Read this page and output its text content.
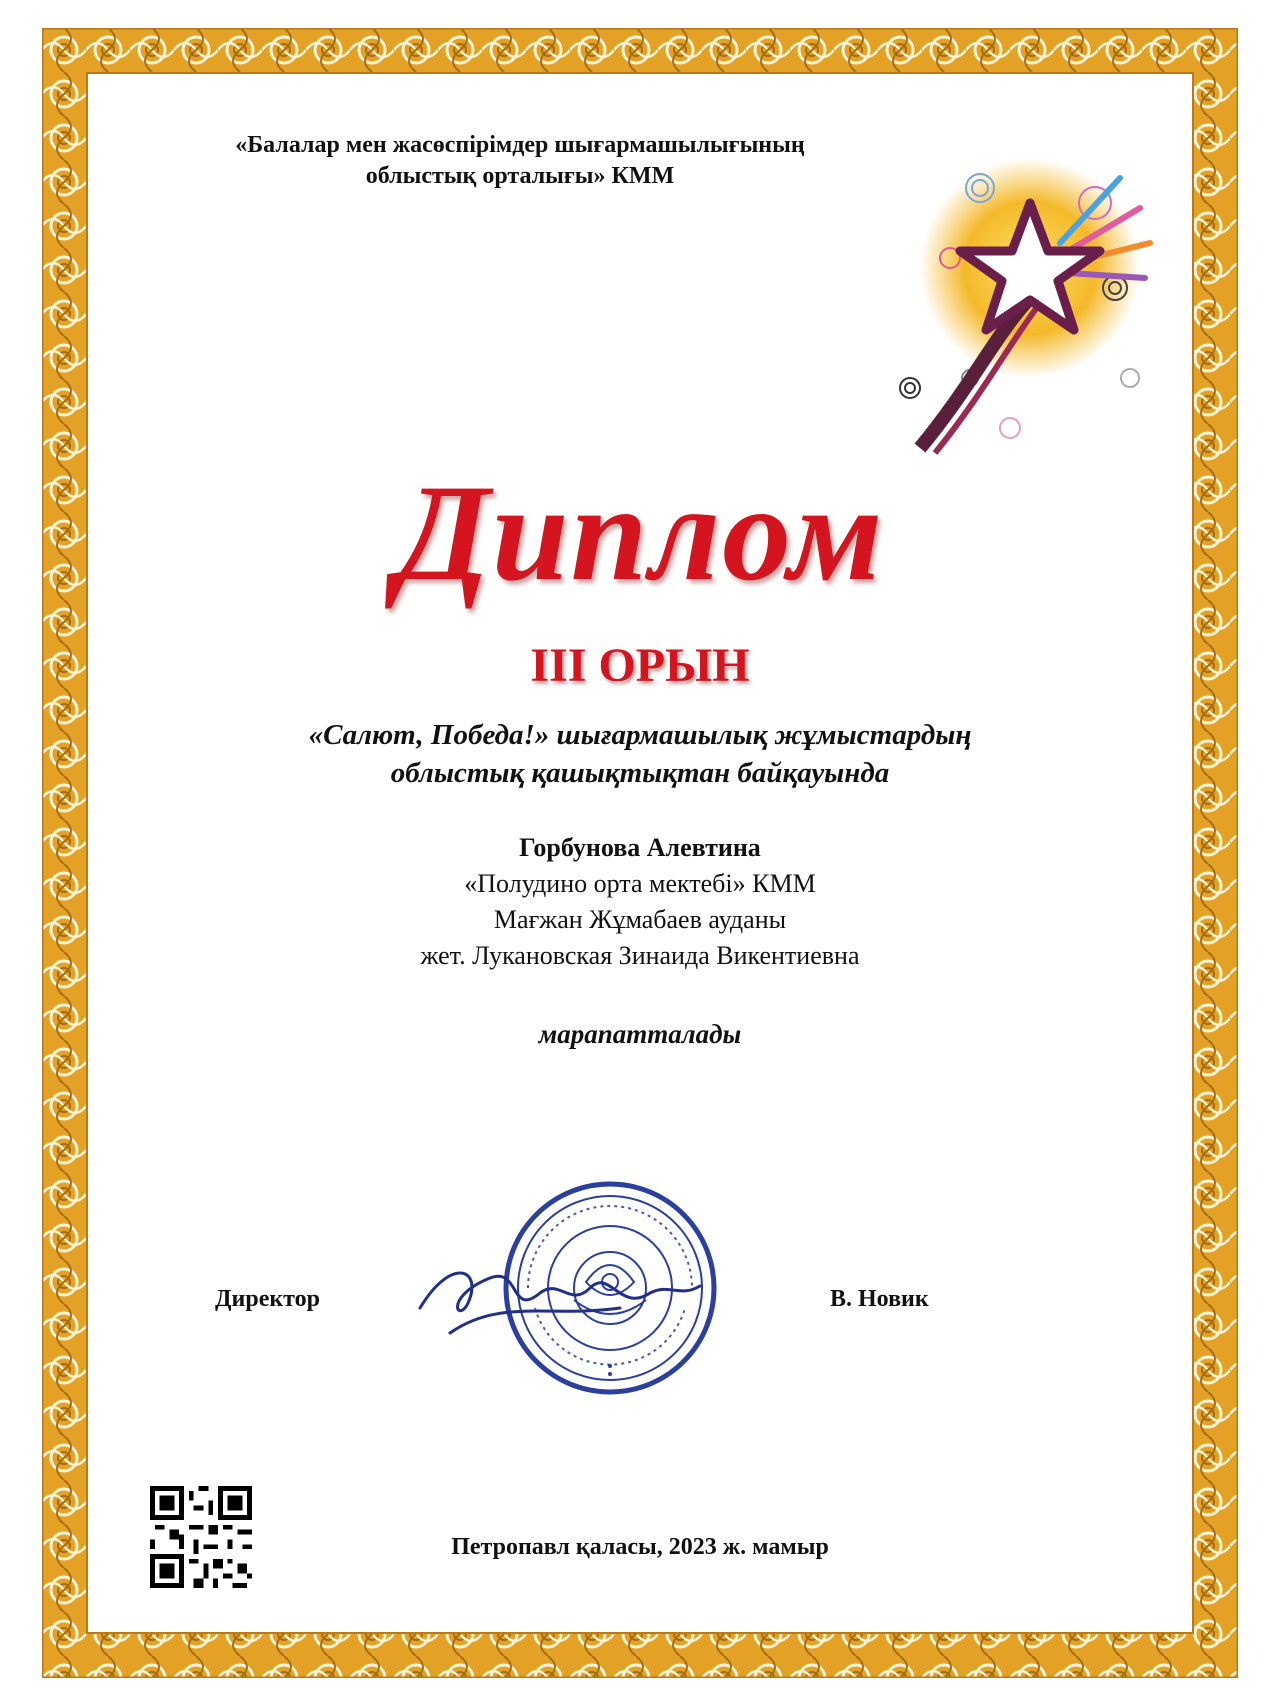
«Балалар мен жасөспірімдер шығармашылығының
облыстық орталығы» КММ
Диплом
III ОРЫН
«Салют, Победа!» шығармашылық жұмыстардың
облыстық қашықтықтан байқауында
Горбунова Алевтина
«Полудино орта мектебі» КММ
Мағжан Жұмабаев ауданы
жет. Лукановская Зинаида Викентиевна
марапатталады
Директор	В. Новик
Петропавл қаласы, 2023 ж. мамыр
